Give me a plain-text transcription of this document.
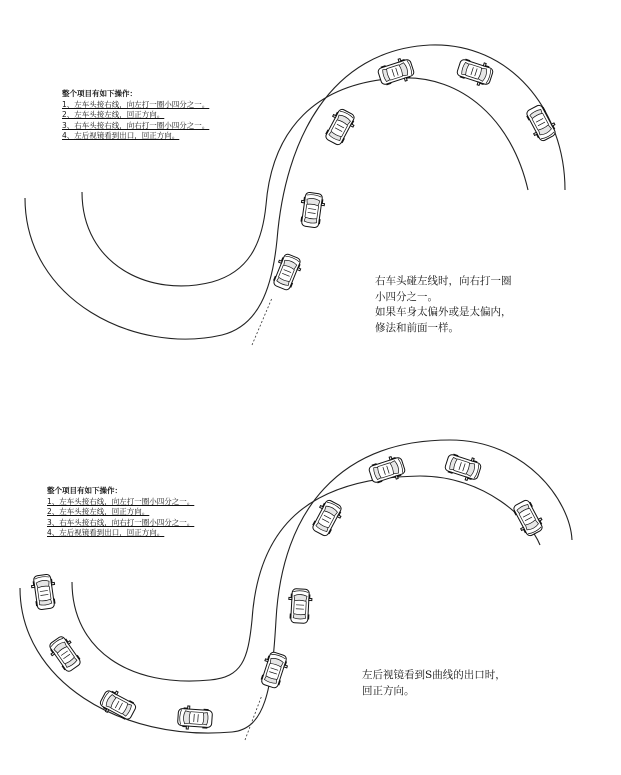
整个项目有如下操作：
1、左车头接右线，向左打一圈小四分之一。
2、左车头接左线，回正方向。
3、右车头接右线，向右打一圈小四分之一。
4、左后视镜看到出口，回正方向。
右车头碰左线时，向右打一圈
小四分之一。
如果车身太偏外或是太偏内，
修法和前面一样。
整个项目有如下操作：
1、左车头接右线，向左打一圈小四分之一。
2、左车头接左线，回正方向。
3、右车头接右线，向右打一圈小四分之一。
4、左后视镜看到出口，回正方向。
左后视镜看到S曲线的出口时，
回正方向。
